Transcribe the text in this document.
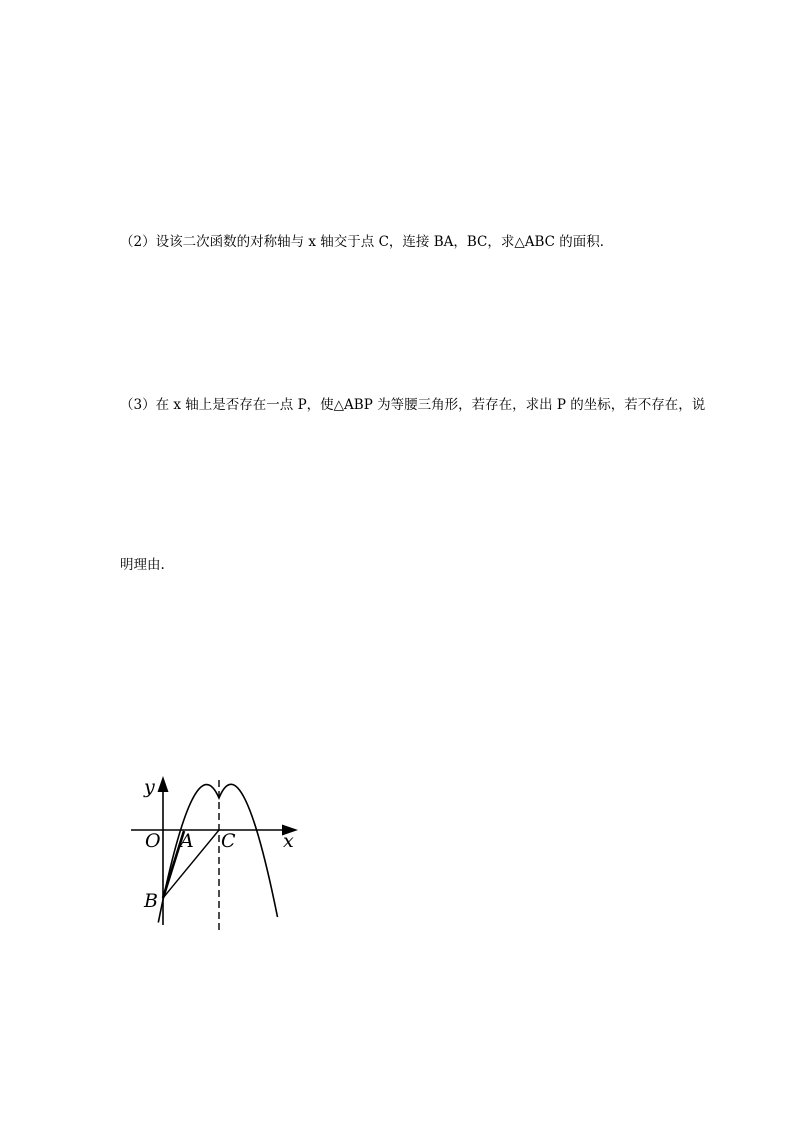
（2）设该二次函数的对称轴与 x 轴交于点 C，连接 BA，BC，求△ABC 的面积．
（3）在 x 轴上是否存在一点 P，使△ABP 为等腰三角形，若存在，求出 P 的坐标，若不存在，说
明理由.
y
x
O A C
B
